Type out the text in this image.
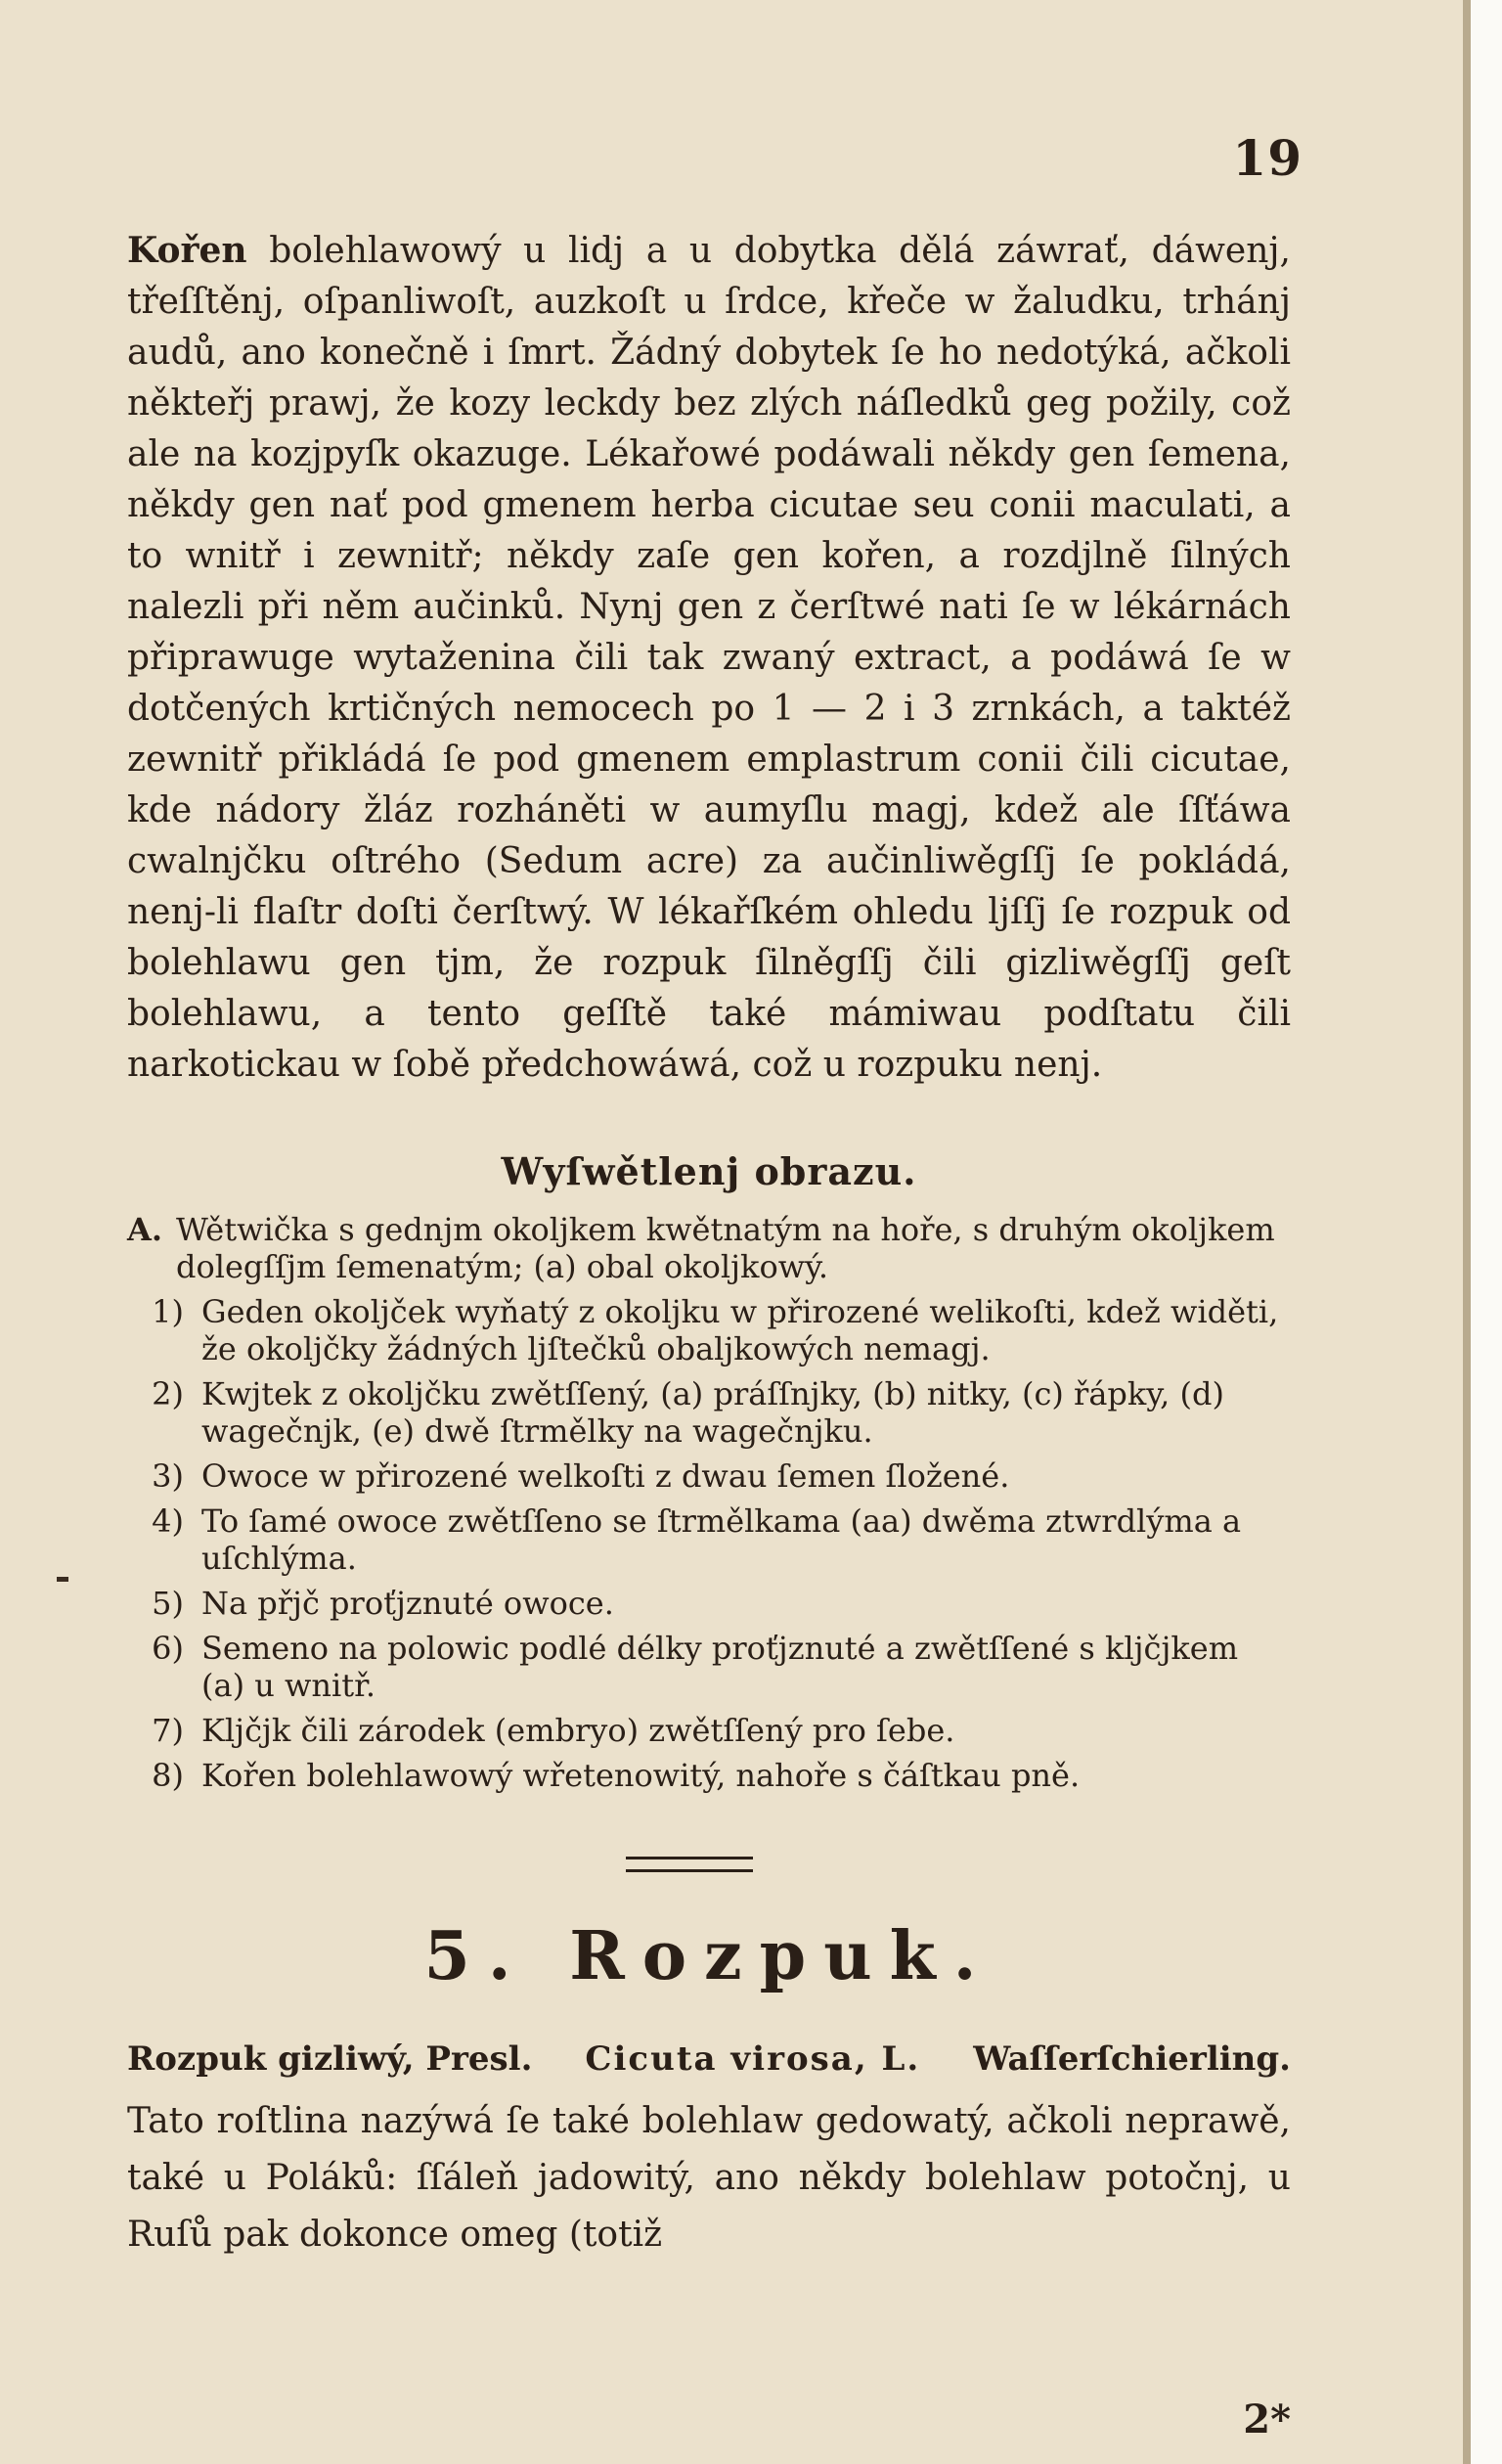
19
Kořen bolehlawowý u lidj a u dobytka dělá záwrať, dáwenj, třeſſtěnj, oſpanliwoſt, auzkoſt u ſrdce, křeče w žaludku, trhánj audů, ano konečně i ſmrt. Žádný dobytek ſe ho nedotýká, ačkoli někteřj prawj, že kozy leckdy bez zlých náſledků geg požily, což ale na kozjpyſk okazuge. Lékařowé podáwali někdy gen ſemena, někdy gen nať pod gmenem herba cicutae seu conii maculati, a to wnitř i zewnitř; někdy zaſe gen kořen, a rozdjlně ſilných nalezli při něm aučinků. Nynj gen z čerſtwé nati ſe w lékárnách připrawuge wytaženina čili tak zwaný extract, a podáwá ſe w dotčených krtičných nemocech po 1 — 2 i 3 zrnkách, a taktéž zewnitř přikládá ſe pod gmenem emplastrum conii čili cicutae, kde nádory žláz rozháněti w aumyſlu magj, kdež ale ſſťáwa cwalnjčku oſtrého (Sedum acre) za aučinliwěgſſj ſe pokládá, nenj-li flaſtr doſti čerſtwý. W lékařſkém ohledu ljſſj ſe rozpuk od bolehlawu gen tjm, že rozpuk ſilněgſſj čili gizliwěgſſj geſt bolehlawu, a tento geſſtě také mámiwau podſtatu čili narkotickau w ſobě předchowáwá, což u rozpuku nenj.
Wyſwětlenj obrazu.
A. Wětwička s gednjm okoljkem kwětnatým na hoře, s druhým okoljkem dolegſſjm ſemenatým; (a) obal okoljkowý.
1) Geden okoljček wyňatý z okoljku w přirozené welikoſti, kdež widěti, že okoljčky žádných ljſtečků obaljkowých nemagj.
2) Kwjtek z okoljčku zwětſſený, (a) práſſnjky, (b) nitky, (c) řápky, (d) wagečnjk, (e) dwě ſtrmělky na wagečnjku.
3) Owoce w přirozené welkoſti z dwau ſemen ſložené.
4) To ſamé owoce zwětſſeno se ſtrmělkama (aa) dwěma ztwrdlýma a uſchlýma.
5) Na přjč proťjznuté owoce.
6) Semeno na polowic podlé délky proťjznuté a zwětſſené s kljčjkem (a) u wnitř.
7) Kljčjk čili zárodek (embryo) zwětſſený pro ſebe.
8) Kořen bolehlawowý wřetenowitý, nahoře s čáſtkau pně.
5. Rozpuk.
Rozpuk gizliwý, Presl. Cicuta virosa, L. Waſſerſchierling.
Tato roſtlina nazýwá ſe také bolehlaw gedowatý, ačkoli neprawě, také u Poláků: ſſáleň jadowitý, ano někdy bolehlaw potočnj, u Ruſů pak dokonce omeg (totiž
2*
